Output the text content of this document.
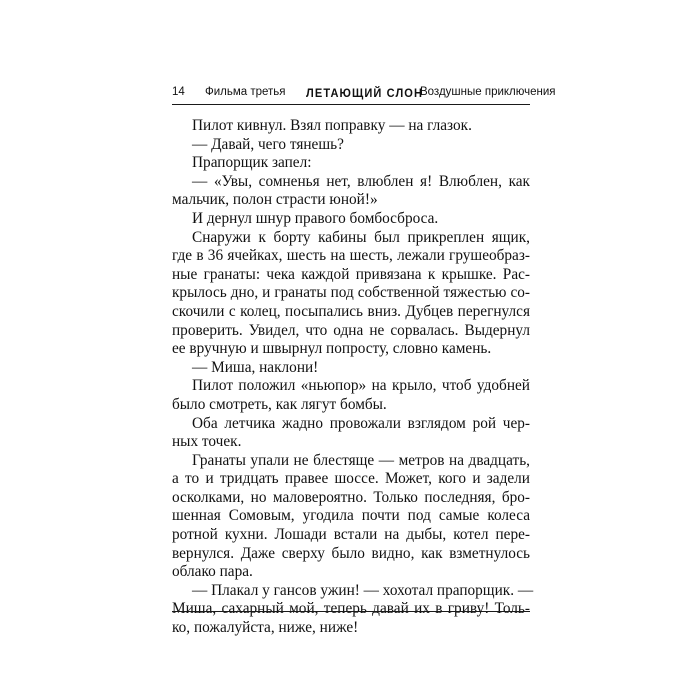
14 Фильма третья ЛЕТАЮЩИЙ СЛОН
Воздушные приключения
Пилот кивнул. Взял поправку — на глазок.
— Давай, чего тянешь?
Прапорщик запел:
— «Увы, сомненья нет, влюблен я! Влюблен, как
мальчик, полон страсти юной!»
И дернул шнур правого бомбосброса.
Снаружи к борту кабины был прикреплен ящик,
где в 36 ячейках, шесть на шесть, лежали грушеобраз-
ные гранаты: чека каждой привязана к крышке. Рас-
крылось дно, и гранаты под собственной тяжестью со-
скочили с колец, посыпались вниз. Дубцев перегнулся
проверить. Увидел, что одна не сорвалась. Выдернул
ее вручную и швырнул попросту, словно камень.
— Миша, наклони!
Пилот положил «ньюпор» на крыло, чтоб удобней
было смотреть, как лягут бомбы.
Оба летчика жадно провожали взглядом рой чер-
ных точек.
Гранаты упали не блестяще — метров на двадцать,
а то и тридцать правее шоссе. Может, кого и задели
осколками, но маловероятно. Только последняя, бро-
шенная Сомовым, угодила почти под самые колеса
ротной кухни. Лошади встали на дыбы, котел пере-
вернулся. Даже сверху было видно, как взметнулось
облако пара.
— Плакал у гансов ужин! — хохотал прапорщик. —
Миша, сахарный мой, теперь давай их в гриву! Толь-
ко, пожалуйста, ниже, ниже!
